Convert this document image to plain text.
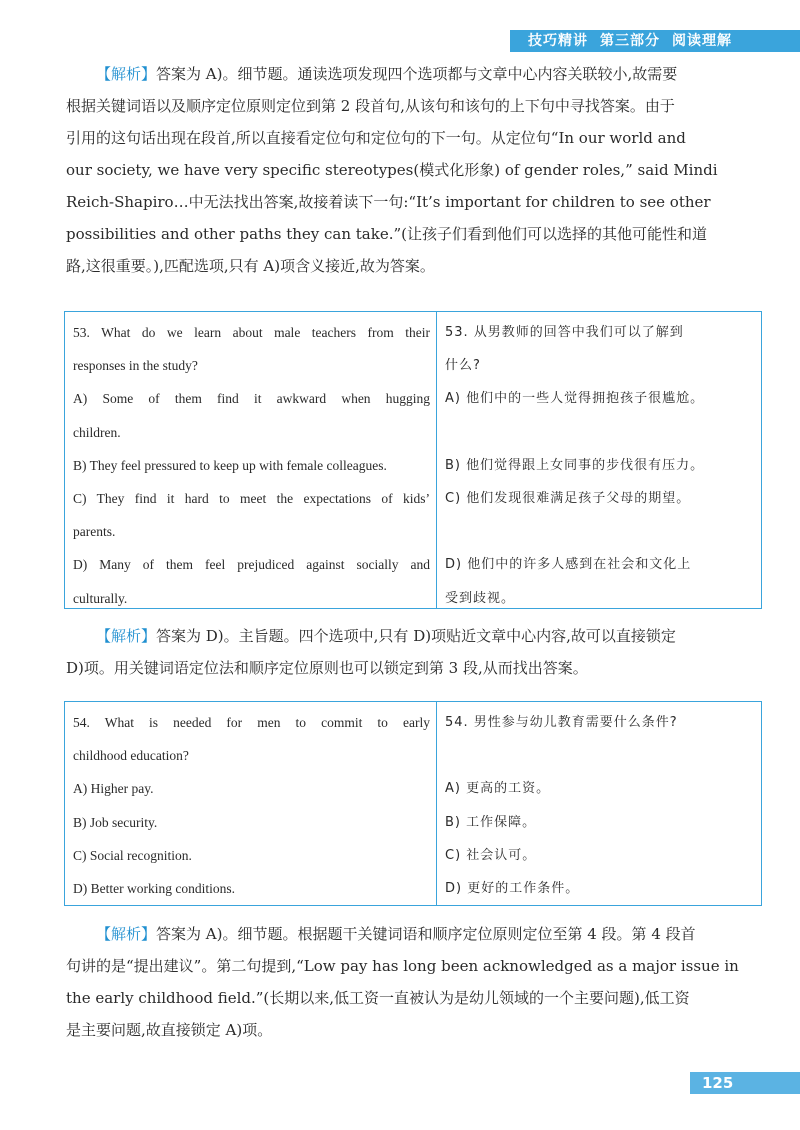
技巧精讲 第三部分 阅读理解
【解析】答案为 A)。细节题。通读选项发现四个选项都与文章中心内容关联较小,故需要
根据关键词语以及顺序定位原则定位到第 2 段首句,从该句和该句的上下句中寻找答案。由于
引用的这句话出现在段首,所以直接看定位句和定位句的下一句。从定位句“In our world and
our society, we have very specific stereotypes(模式化形象) of gender roles,” said Mindi
Reich-Shapiro…中无法找出答案,故接着读下一句:“It’s important for children to see other
possibilities and other paths they can take.”(让孩子们看到他们可以选择的其他可能性和道
路,这很重要。),匹配选项,只有 A)项含义接近,故为答案。
53. What do we learn about male teachers from their
responses in the study?
A) Some of them find it awkward when hugging
children.
B) They feel pressured to keep up with female colleagues.
C) They find it hard to meet the expectations of kids’
parents.
D) Many of them feel prejudiced against socially and
culturally.
53. 从男教师的回答中我们可以了解到
什么?
A) 他们中的一些人觉得拥抱孩子很尴尬。

B) 他们觉得跟上女同事的步伐很有压力。
C) 他们发现很难满足孩子父母的期望。

D) 他们中的许多人感到在社会和文化上
受到歧视。
【解析】答案为 D)。主旨题。四个选项中,只有 D)项贴近文章中心内容,故可以直接锁定
D)项。用关键词语定位法和顺序定位原则也可以锁定到第 3 段,从而找出答案。
54. What is needed for men to commit to early
childhood education?
A) Higher pay.
B) Job security.
C) Social recognition.
D) Better working conditions.
54. 男性参与幼儿教育需要什么条件?

A) 更高的工资。
B) 工作保障。
C) 社会认可。
D) 更好的工作条件。
【解析】答案为 A)。细节题。根据题干关键词语和顺序定位原则定位至第 4 段。第 4 段首
句讲的是“提出建议”。第二句提到,“Low pay has long been acknowledged as a major issue in
the early childhood field.”(长期以来,低工资一直被认为是幼儿领域的一个主要问题),低工资
是主要问题,故直接锁定 A)项。
125
